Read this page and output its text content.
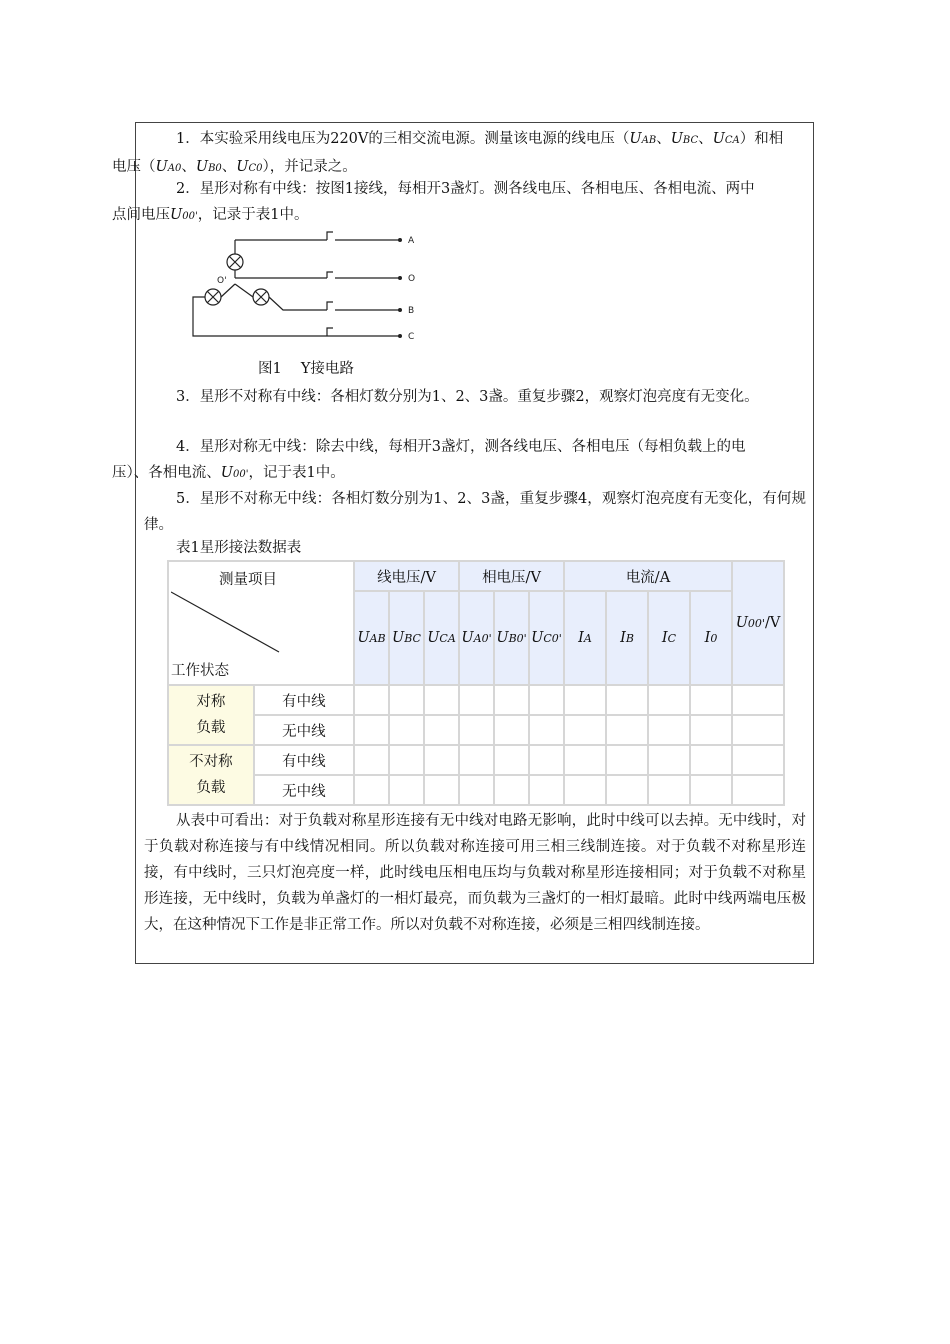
1．本实验采用线电压为220V的三相交流电源。测量该电源的线电压（UAB、UBC、UCA）和相
电压（UA0、UB0、UC0），并记录之。
2．星形对称有中线：按图1接线，每相开3盏灯。测各线电压、各相电压、各相电流、两中
点间电压U00'，记录于表1中。
A
O
B
C
O'
图1　 Y接电路
3．星形不对称有中线：各相灯数分别为1、2、3盏。重复步骤2，观察灯泡亮度有无变化。
4．星形对称无中线：除去中线，每相开3盏灯，测各线电压、各相电压（每相负载上的电
压）、各相电流、U00'，记于表1中。
5．星形不对称无中线：各相灯数分别为1、2、3盏，重复步骤4，观察灯泡亮度有无变化，有何规律。
表1星形接法数据表
测量项目
工作状态		线电压/V			相电压/V			电流/A				U00'/V
		UAB	UBC	UCA	UA0'	UB0'	UC0'	IA	IB	IC	I0	
对称
负载	有中线											
	无中线											
不对称
负载	有中线											
	无中线											
从表中可看出：对于负载对称星形连接有无中线对电路无影响，此时中线可以去掉。无中线时，对于负载对称连接与有中线情况相同。所以负载对称连接可用三相三线制连接。对于负载不对称星形连接，有中线时，三只灯泡亮度一样，此时线电压相电压均与负载对称星形连接相同；对于负载不对称星形连接，无中线时，负载为单盏灯的一相灯最亮，而负载为三盏灯的一相灯最暗。此时中线两端电压极大，在这种情况下工作是非正常工作。所以对负载不对称连接，必须是三相四线制连接。
